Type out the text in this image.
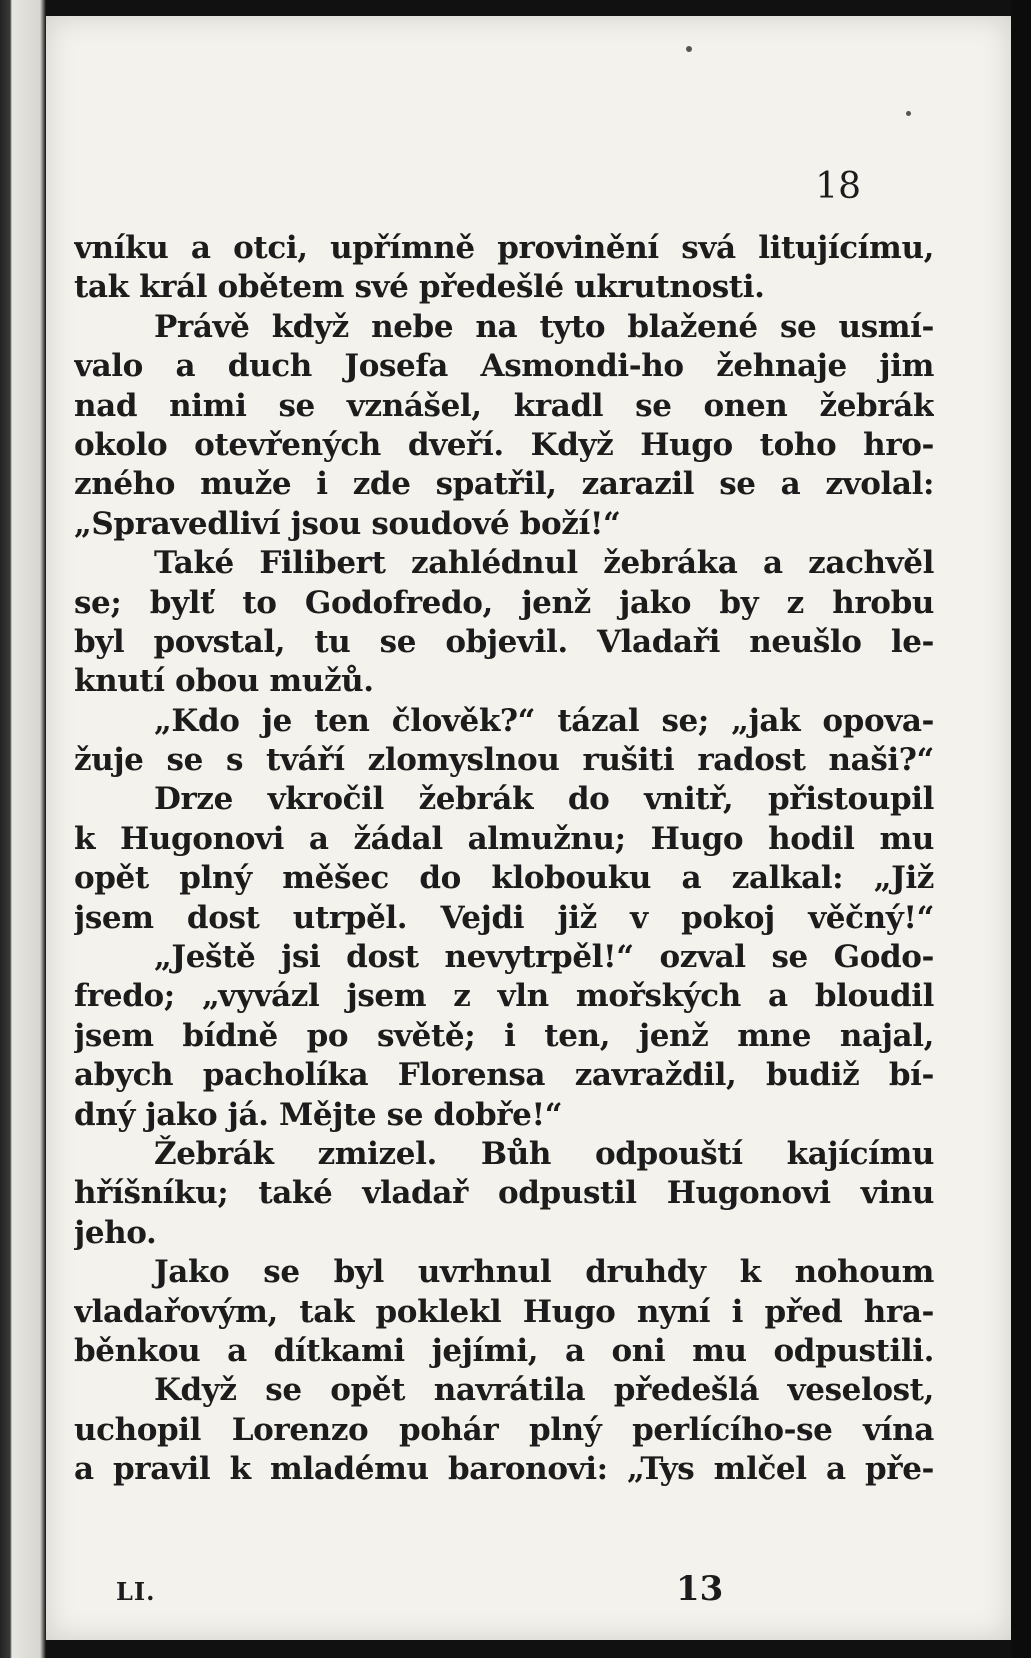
18
vníku a otci, upřímně provinění svá litujícímu,
tak král obětem své předešlé ukrutnosti.
Právě když nebe na tyto blažené se usmí-
valo a duch Josefa Asmondi-ho žehnaje jim
nad nimi se vznášel, kradl se onen žebrák
okolo otevřených dveří. Když Hugo toho hro-
zného muže i zde spatřil, zarazil se a zvolal:
„Spravedliví jsou soudové boží!“
Také Filibert zahlédnul žebráka a zachvěl
se; bylť to Godofredo, jenž jako by z hrobu
byl povstal, tu se objevil. Vladaři neušlo le-
knutí obou mužů.
„Kdo je ten člověk?“ tázal se; „jak opova-
žuje se s tváří zlomyslnou rušiti radost naši?“
Drze vkročil žebrák do vnitř, přistoupil
k Hugonovi a žádal almužnu; Hugo hodil mu
opět plný měšec do klobouku a zalkal: „Již
jsem dost utrpěl. Vejdi již v pokoj věčný!“
„Ještě jsi dost nevytrpěl!“ ozval se Godo-
fredo; „vyvázl jsem z vln mořských a bloudil
jsem bídně po světě; i ten, jenž mne najal,
abych pacholíka Florensa zavraždil, budiž bí-
dný jako já. Mějte se dobře!“
Žebrák zmizel. Bůh odpouští kajícímu
hříšníku; také vladař odpustil Hugonovi vinu
jeho.
Jako se byl uvrhnul druhdy k nohoum
vladařovým, tak poklekl Hugo nyní i před hra-
běnkou a dítkami jejími, a oni mu odpustili.
Když se opět navrátila předešlá veselost,
uchopil Lorenzo pohár plný perlícího-se vína
a pravil k mladému baronovi: „Tys mlčel a pře-
LI.	13
